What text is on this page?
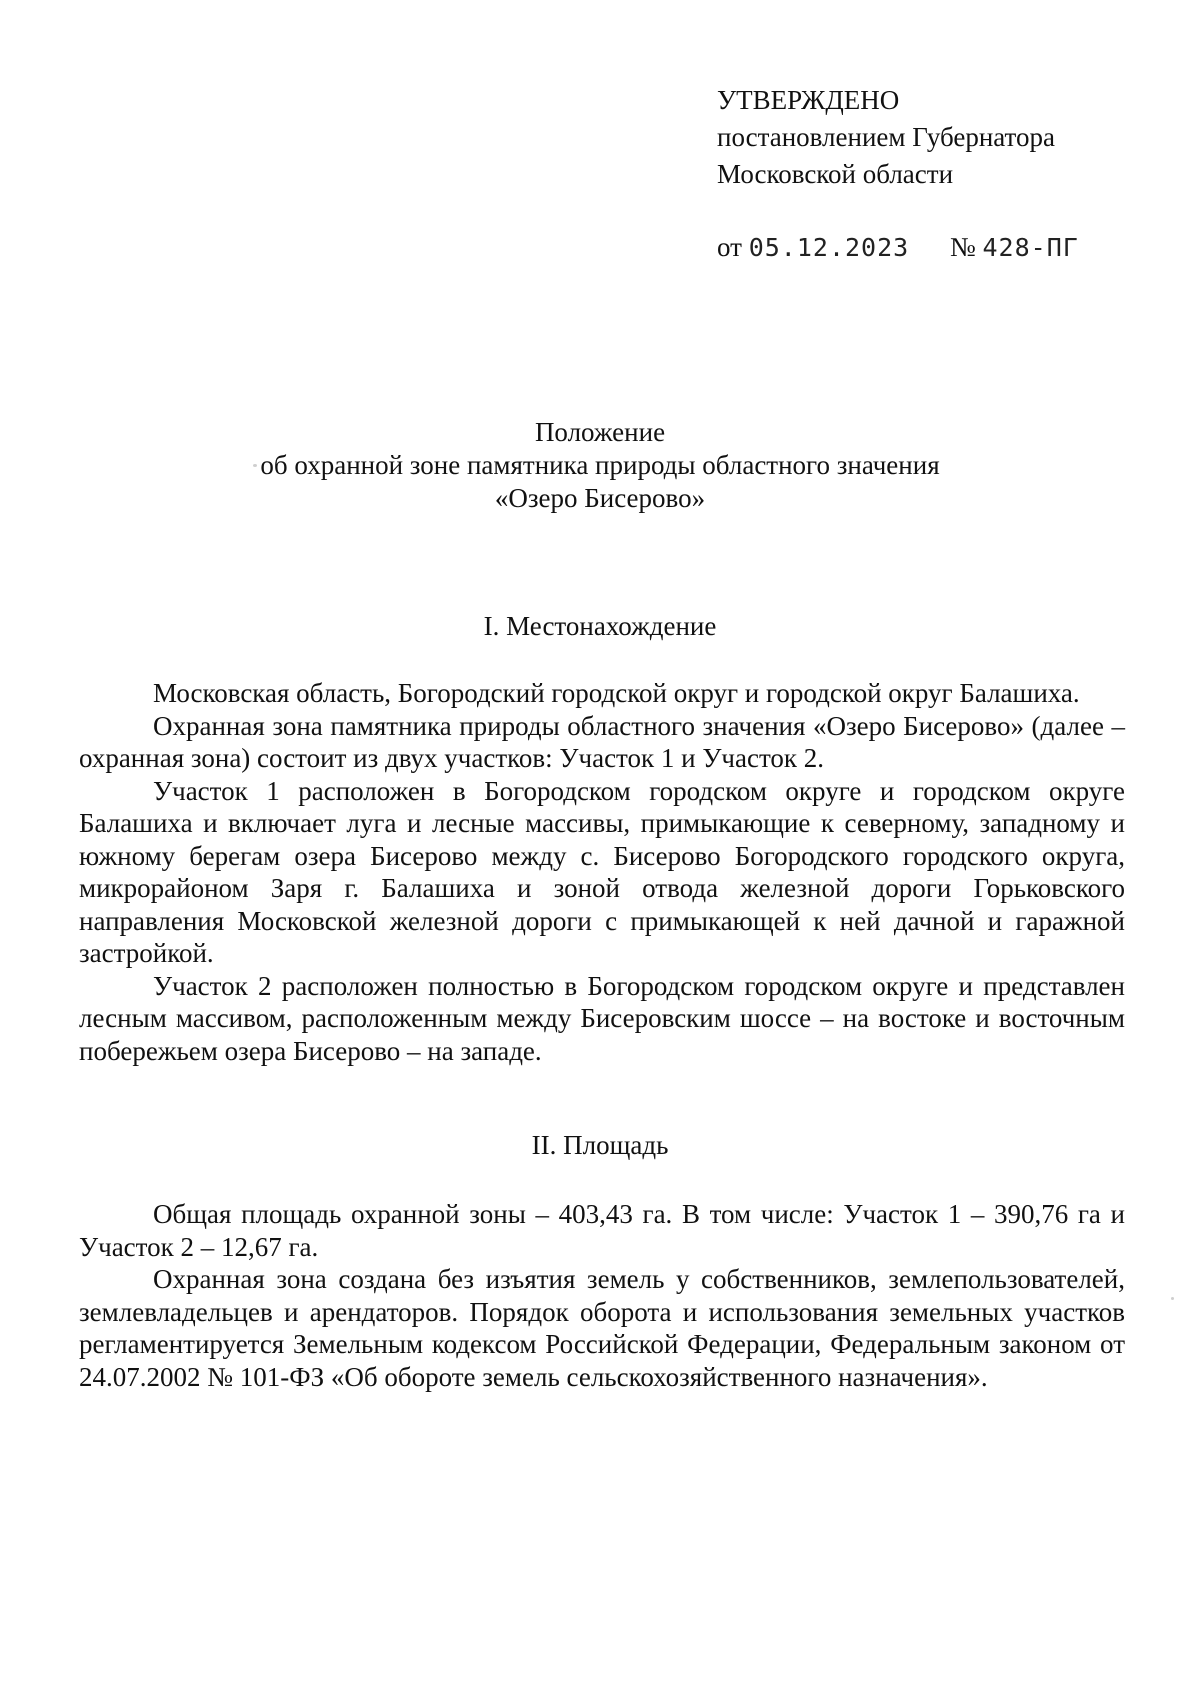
УТВЕРЖДЕНО
постановлением Губернатора
Московской области
от 05.12.2023 № 428-ПГ
Положение
об охранной зоне памятника природы областного значения
«Озеро Бисерово»
I. Местонахождение

Московская область, Богородский городской округ и городской округ Балашиха.

Охранная зона памятника природы областного значения «Озеро Бисерово» (далее – охранная зона) состоит из двух участков: Участок 1 и Участок 2.

Участок 1 расположен в Богородском городском округе и городском округе Балашиха и включает луга и лесные массивы, примыкающие к северному, западному и южному берегам озера Бисерово между с. Бисерово Богородского городского округа, микрорайоном Заря г. Балашиха и зоной отвода железной дороги Горьковского направления Московской железной дороги с примыкающей к ней дачной и гаражной застройкой.

Участок 2 расположен полностью в Богородском городском округе и представлен лесным массивом, расположенным между Бисеровским шоссе – на востоке и восточным побережьем озера Бисерово – на западе.

II. Площадь

Общая площадь охранной зоны – 403,43 га. В том числе: Участок 1 – 390,76 га и Участок 2 – 12,67 га.

Охранная зона создана без изъятия земель у собственников, землепользователей, землевладельцев и арендаторов. Порядок оборота и использования земельных участков регламентируется Земельным кодексом Российской Федерации, Федеральным законом от 24.07.2002 № 101-ФЗ «Об обороте земель сельскохозяйственного назначения».
